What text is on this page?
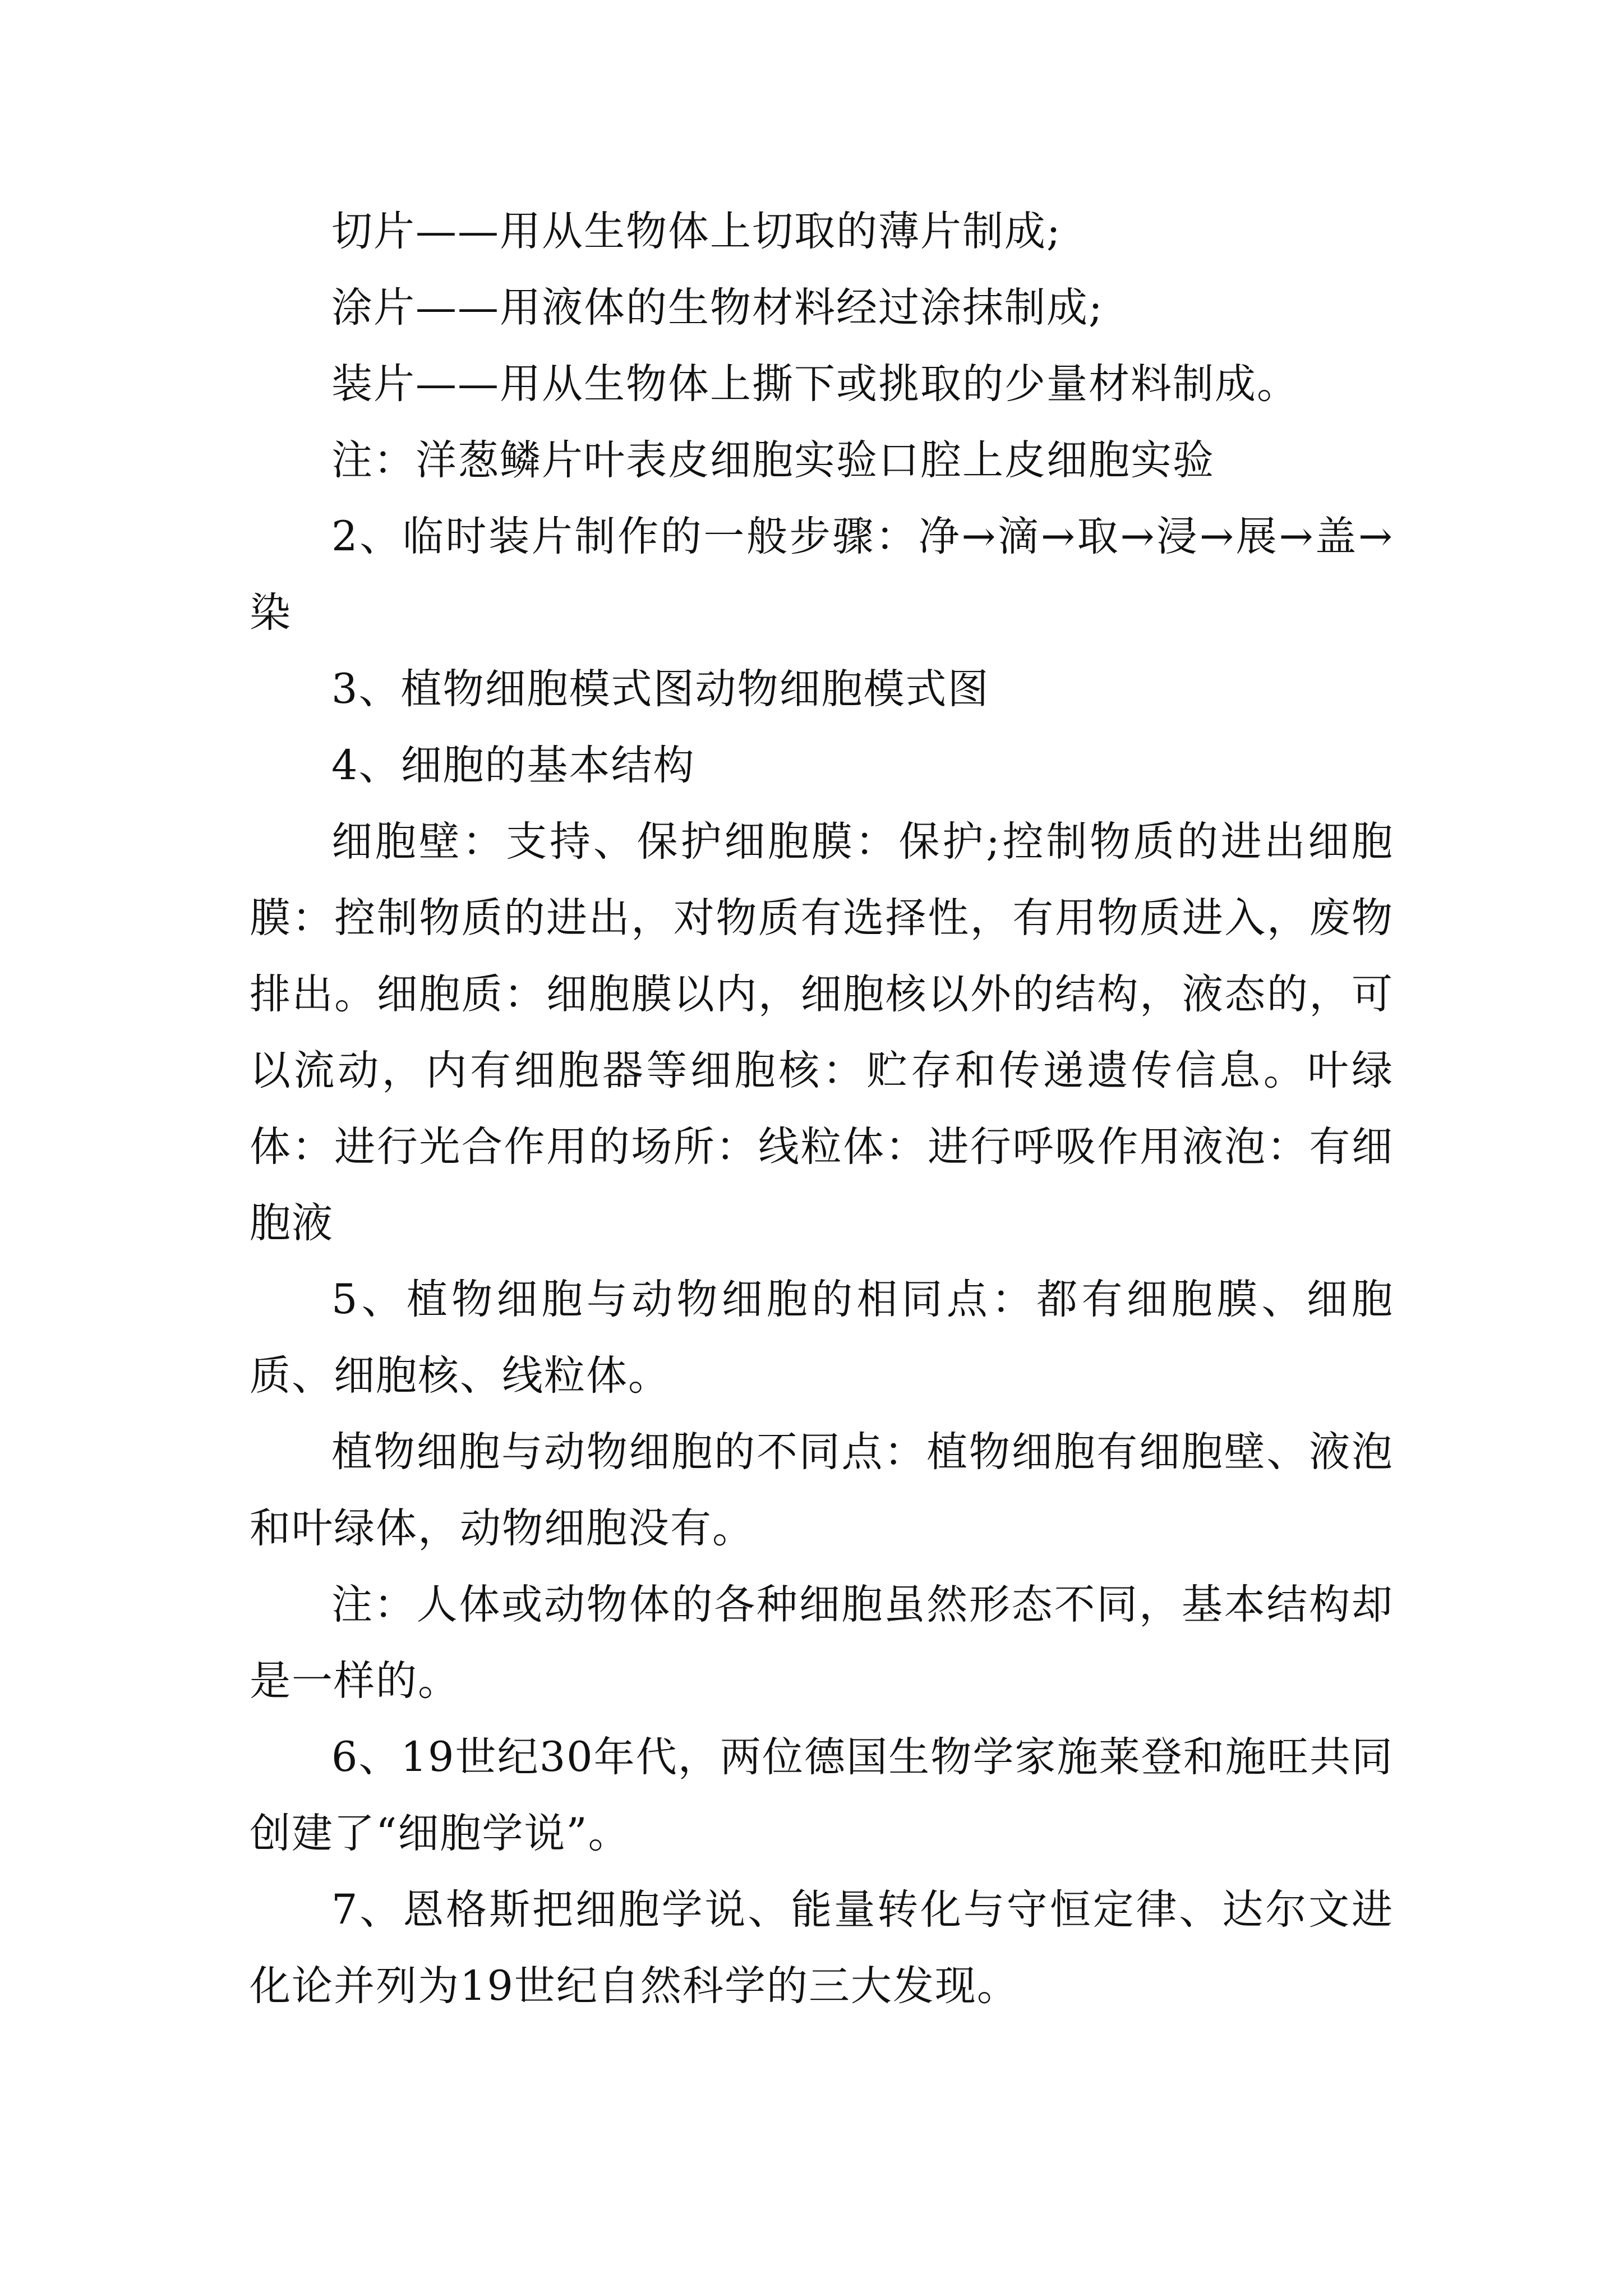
切片——用从生物体上切取的薄片制成;

涂片——用液体的生物材料经过涂抹制成;

装片——用从生物体上撕下或挑取的少量材料制成。

注：洋葱鳞片叶表皮细胞实验口腔上皮细胞实验

2、临时装片制作的一般步骤：净→滴→取→浸→展→盖→染

3、植物细胞模式图动物细胞模式图

4、细胞的基本结构

细胞壁：支持、保护细胞膜：保护;控制物质的进出细胞膜：控制物质的进出，对物质有选择性，有用物质进入，废物排出。细胞质：细胞膜以内，细胞核以外的结构，液态的，可以流动，内有细胞器等细胞核：贮存和传递遗传信息。叶绿体：进行光合作用的场所：线粒体：进行呼吸作用液泡：有细胞液

5、植物细胞与动物细胞的相同点：都有细胞膜、细胞质、细胞核、线粒体。

植物细胞与动物细胞的不同点：植物细胞有细胞壁、液泡和叶绿体，动物细胞没有。

注：人体或动物体的各种细胞虽然形态不同，基本结构却是一样的。

6、19世纪30年代，两位德国生物学家施莱登和施旺共同创建了“细胞学说”。

7、恩格斯把细胞学说、能量转化与守恒定律、达尔文进化论并列为19世纪自然科学的三大发现。
